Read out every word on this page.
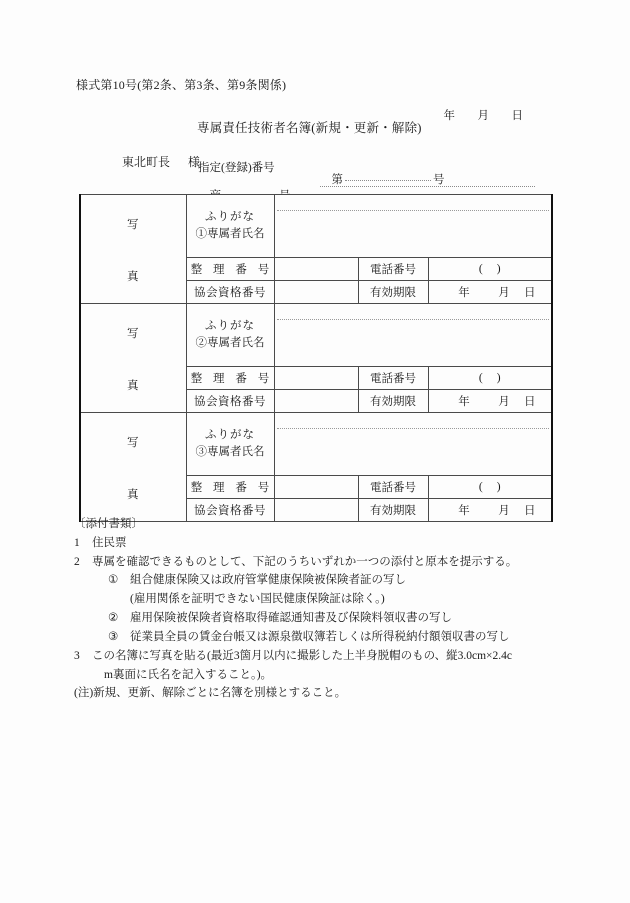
様式第10号(第2条、第3条、第9条関係)

年 月 日

専属責任技術者名簿(新規・更新・解除)

東北町長 様

指定(登録)番号

第	号

写
真	ふりがな
①専属者氏名			

	整 理 番 号		電話番号	()
	協会資格番号		有効期限	年 月 日

写
真	ふりがな
②専属者氏名			

	整 理 番 号		電話番号	()
	協会資格番号		有効期限	年 月 日

写
真	ふりがな
③専属者氏名			

	整 理 番 号		電話番号	()
	協会資格番号		有効期限	年 月 日

〔添付書類〕

1 住民票

2 専属を確認できるものとして、下記のうちいずれか一つの添付と原本を提示する。

① 組合健康保険又は政府管掌健康保険被保険者証の写し

(雇用関係を証明できない国民健康保険証は除く。)

② 雇用保険被保険者資格取得確認通知書及び保険料領収書の写し

③ 従業員全員の賃金台帳又は源泉徴収簿若しくは所得税納付額領収書の写し

3 この名簿に写真を貼る(最近3箇月以内に撮影した上半身脱帽のもの、縦3.0cm×2.4c

m裏面に氏名を記入すること。)。

(注)新規、更新、解除ごとに名簿を別様とすること。
